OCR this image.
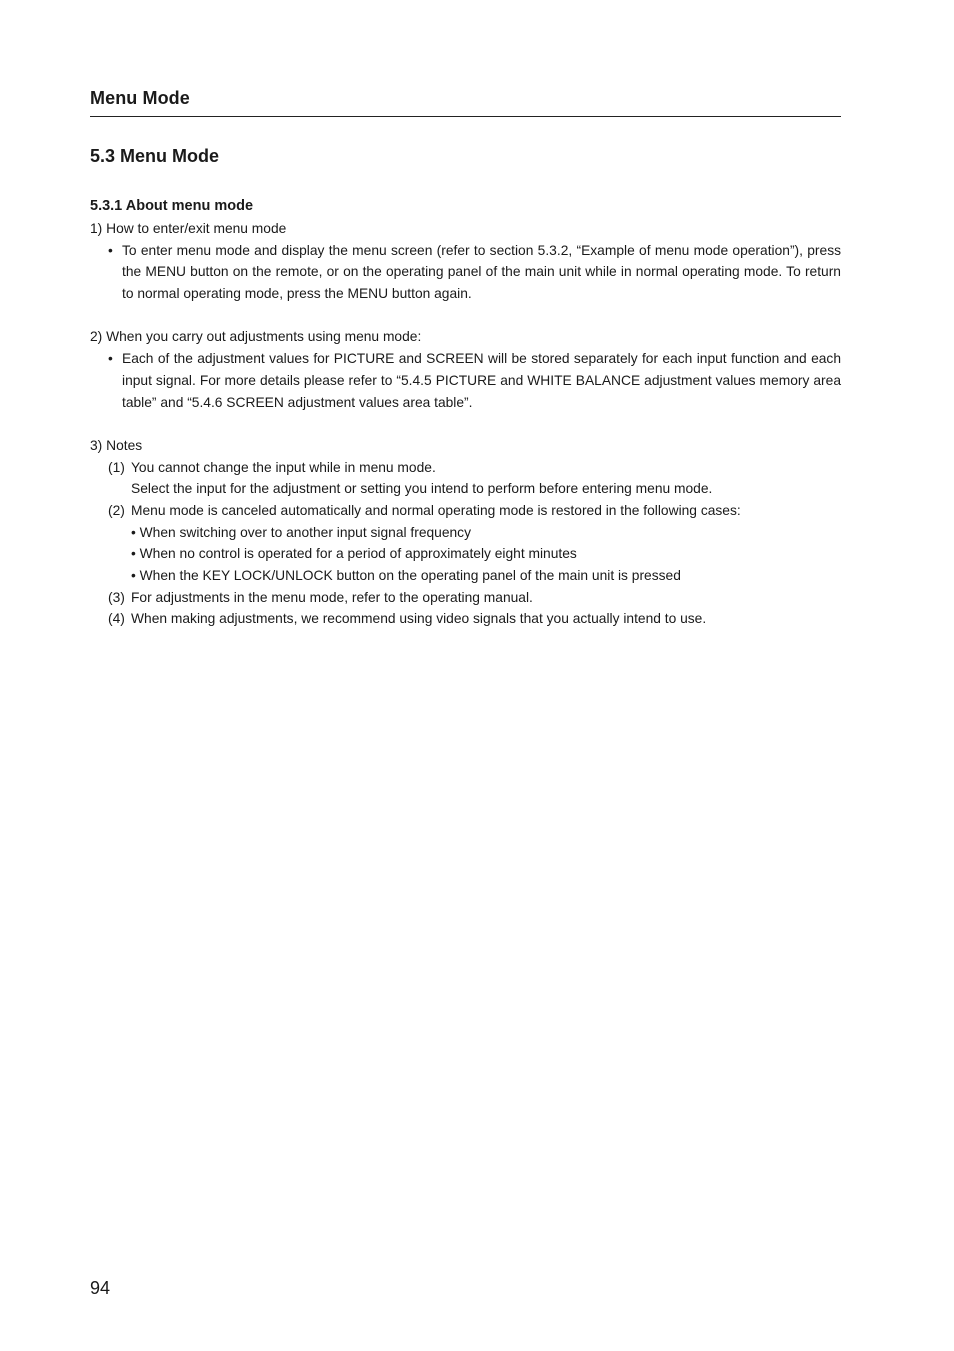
Menu Mode
5.3 Menu Mode
5.3.1 About menu mode
1) How to enter/exit menu mode
• To enter menu mode and display the menu screen (refer to section 5.3.2, “Example of menu mode operation”), press the MENU button on the remote, or on the operating panel of the main unit while in normal operating mode. To return to normal operating mode, press the MENU button again.
2) When you carry out adjustments using menu mode:
• Each of the adjustment values for PICTURE and SCREEN will be stored separately for each input function and each input signal. For more details please refer to “5.4.5 PICTURE and WHITE BALANCE adjustment values memory area table” and “5.4.6 SCREEN adjustment values area table”.
3) Notes
(1) You cannot change the input while in menu mode.
Select the input for the adjustment or setting you intend to perform before entering menu mode.
(2) Menu mode is canceled automatically and normal operating mode is restored in the following cases:
• When switching over to another input signal frequency
• When no control is operated for a period of approximately eight minutes
• When the KEY LOCK/UNLOCK button on the operating panel of the main unit is pressed
(3) For adjustments in the menu mode, refer to the operating manual.
(4) When making adjustments, we recommend using video signals that you actually intend to use.
94
